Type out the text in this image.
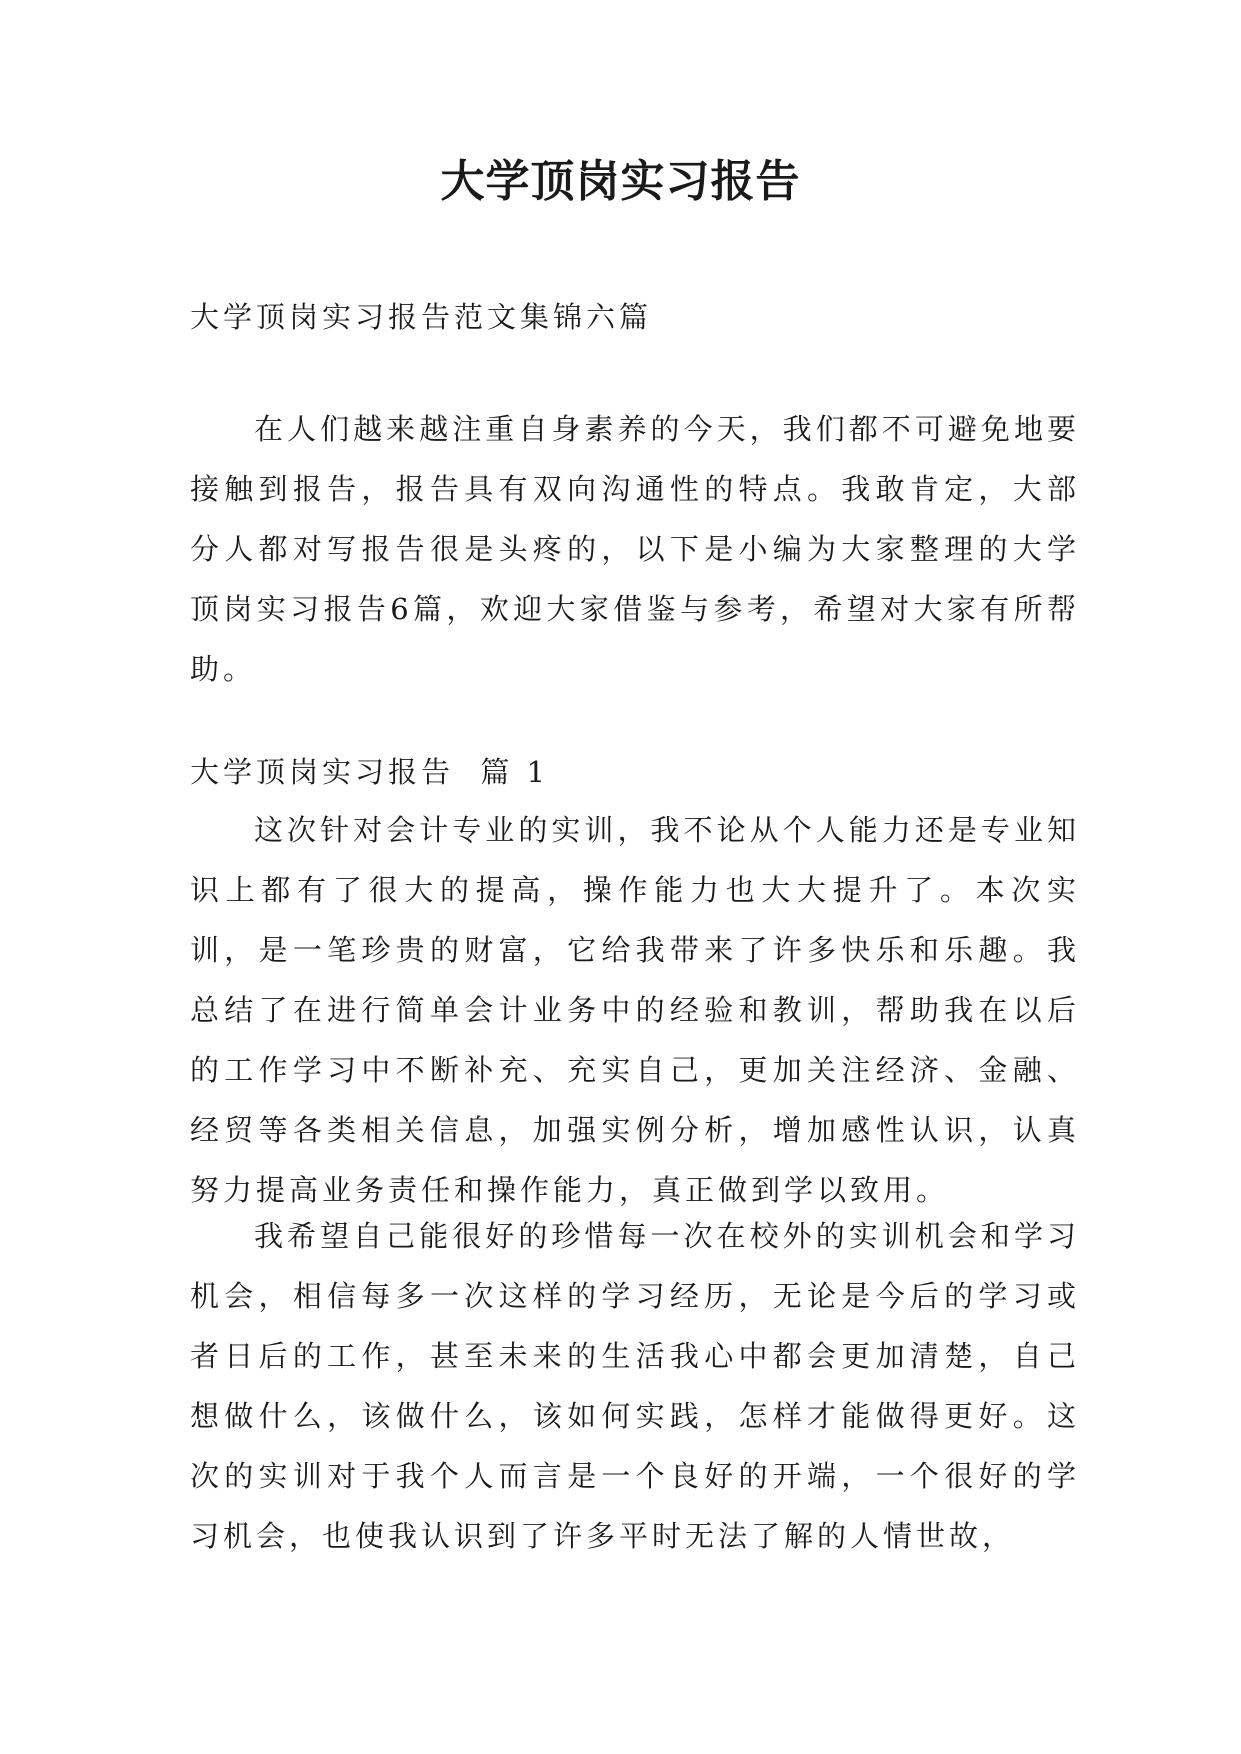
大学顶岗实习报告

大学顶岗实习报告范文集锦六篇

在人们越来越注重自身素养的今天，我们都不可避免地要接触到报告，报告具有双向沟通性的特点。我敢肯定，大部分人都对写报告很是头疼的，以下是小编为大家整理的大学顶岗实习报告6篇，欢迎大家借鉴与参考，希望对大家有所帮助。

大学顶岗实习报告  篇 1

这次针对会计专业的实训，我不论从个人能力还是专业知识上都有了很大的提高，操作能力也大大提升了。本次实训，是一笔珍贵的财富，它给我带来了许多快乐和乐趣。我总结了在进行简单会计业务中的经验和教训，帮助我在以后的工作学习中不断补充、充实自己，更加关注经济、金融、经贸等各类相关信息，加强实例分析，增加感性认识，认真努力提高业务责任和操作能力，真正做到学以致用。

我希望自己能很好的珍惜每一次在校外的实训机会和学习机会，相信每多一次这样的学习经历，无论是今后的学习或者日后的工作，甚至未来的生活我心中都会更加清楚，自己想做什么，该做什么，该如何实践，怎样才能做得更好。这次的实训对于我个人而言是一个良好的开端，一个很好的学习机会，也使我认识到了许多平时无法了解的人情世故，
